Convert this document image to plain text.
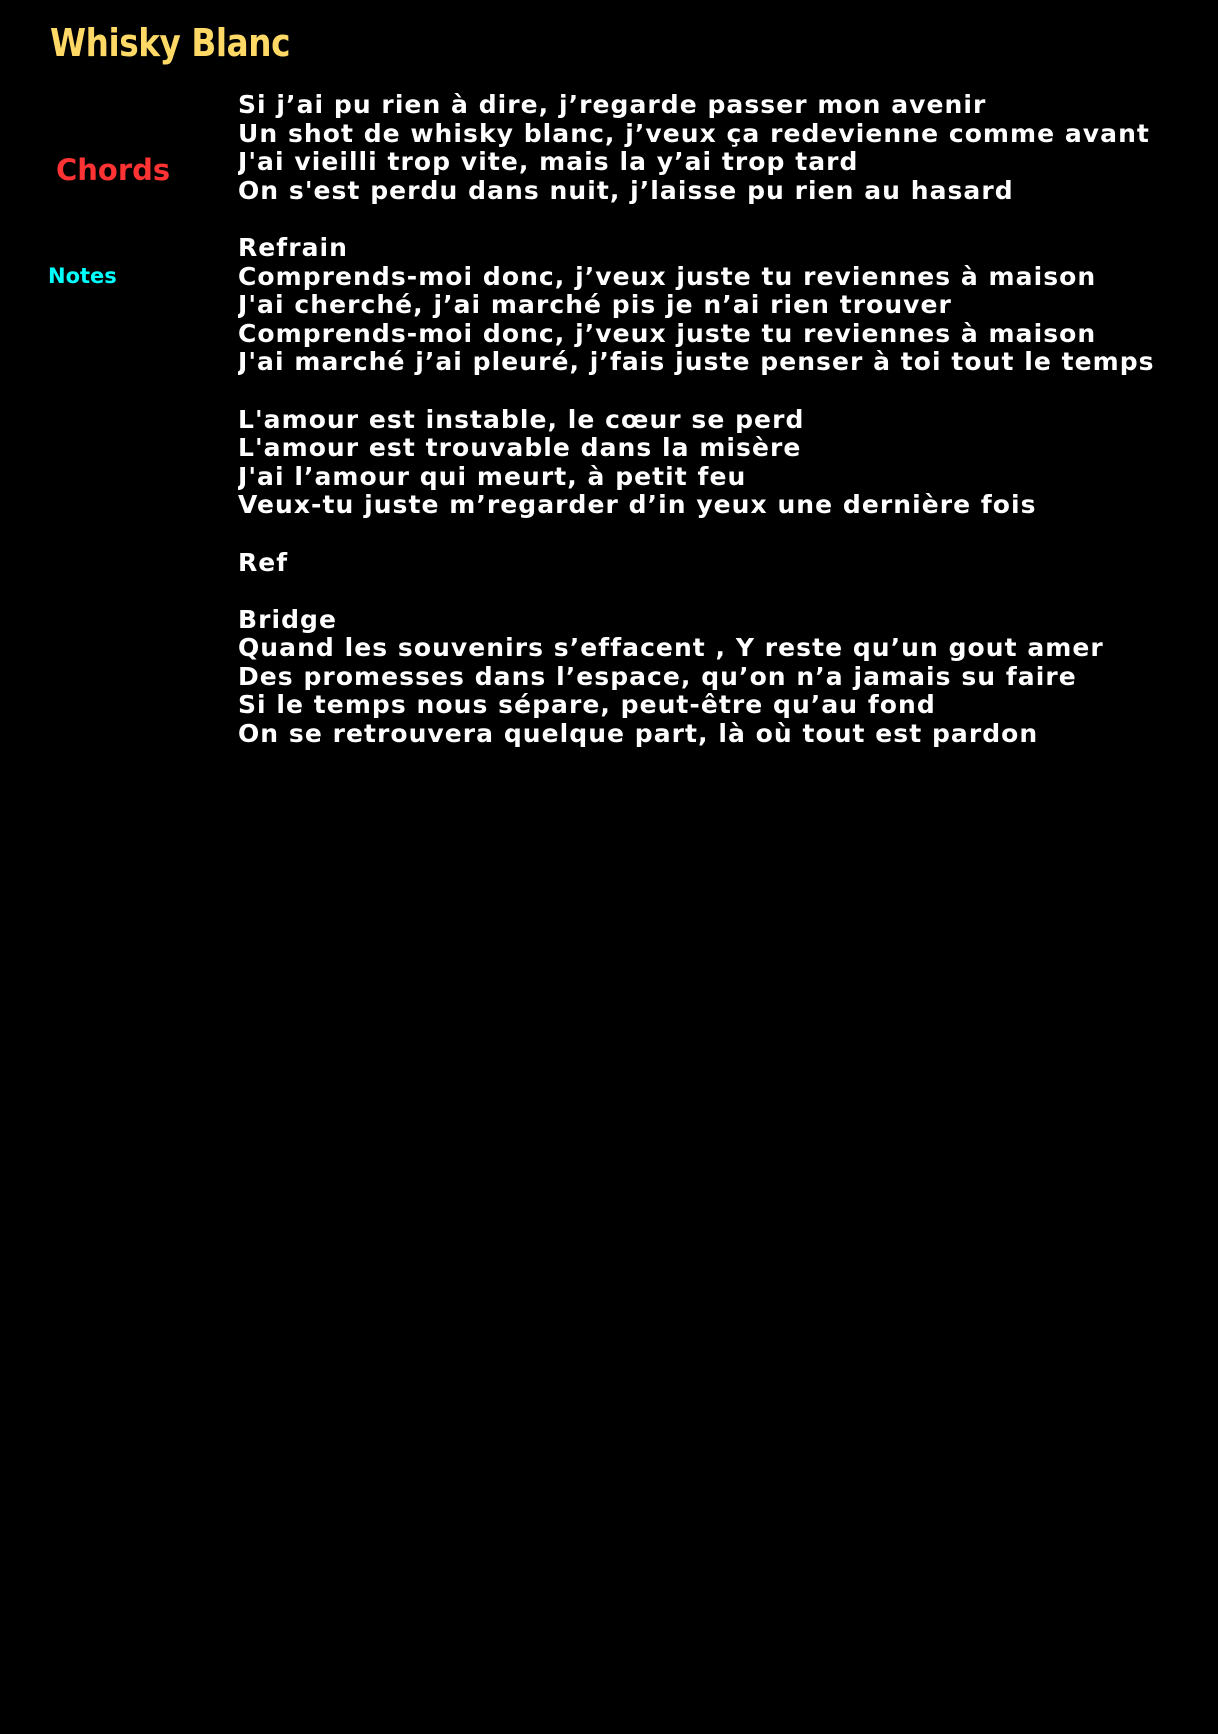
Whisky Blanc
Chords
Notes
Si j’ai pu rien à dire, j’regarde passer mon avenir
Un shot de whisky blanc, j’veux ça redevienne comme avant
J'ai vieilli trop vite, mais la y’ai trop tard
On s'est perdu dans nuit, j’laisse pu rien au hasard
Refrain
Comprends-moi donc, j’veux juste tu reviennes à maison
J'ai cherché, j’ai marché pis je n’ai rien trouver
Comprends-moi donc, j’veux juste tu reviennes à maison
J'ai marché j’ai pleuré, j’fais juste penser à toi tout le temps
L'amour est instable, le cœur se perd
L'amour est trouvable dans la misère
J'ai l’amour qui meurt, à petit feu
Veux-tu juste m’regarder d’in yeux une dernière fois
Ref
Bridge
Quand les souvenirs s’effacent , Y reste qu’un gout amer
Des promesses dans l’espace, qu’on n’a jamais su faire
Si le temps nous sépare, peut-être qu’au fond
On se retrouvera quelque part, là où tout est pardon
